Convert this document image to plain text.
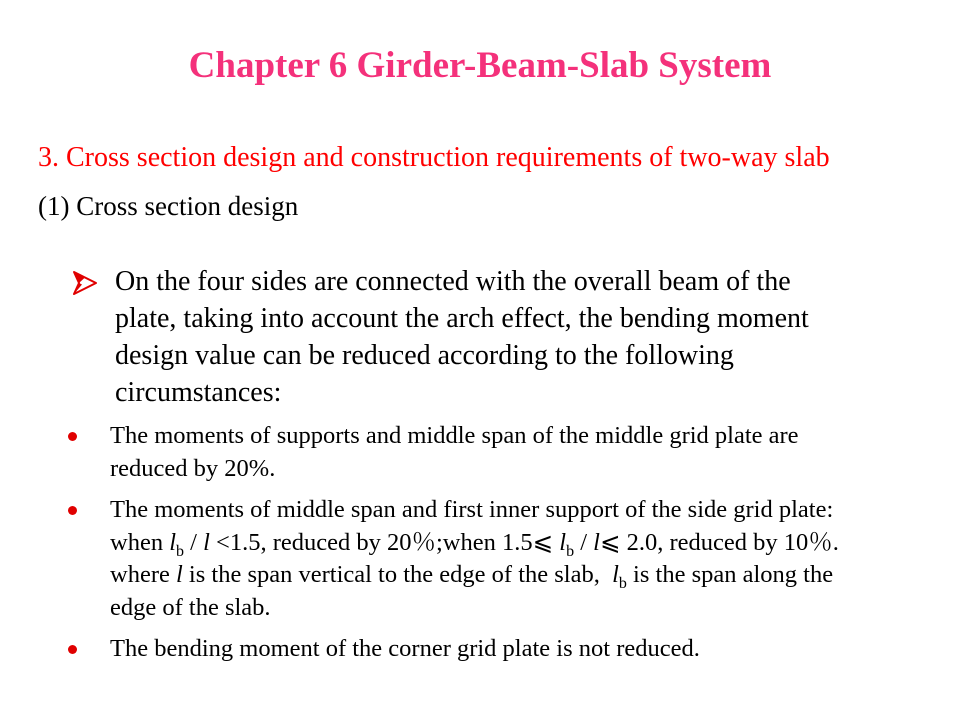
Chapter 6 Girder-Beam-Slab System
3. Cross section design and construction requirements of two-way slab
(1) Cross section design
On the four sides are connected with the overall beam of the
plate, taking into account the arch effect, the bending moment
design value can be reduced according to the following
circumstances:
The moments of supports and middle span of the middle grid plate are
reduced by 20%.
The moments of middle span and first inner support of the side grid plate:
when $l_b / l <1.5$, reduced by 20％;when 1.5⩽ $l_b$ / l⩽ 2.0, reduced by 10％.
where l is the span vertical to the edge of the slab,  $l_b$ is the span along the
edge of the slab.
The bending moment of the corner grid plate is not reduced.
